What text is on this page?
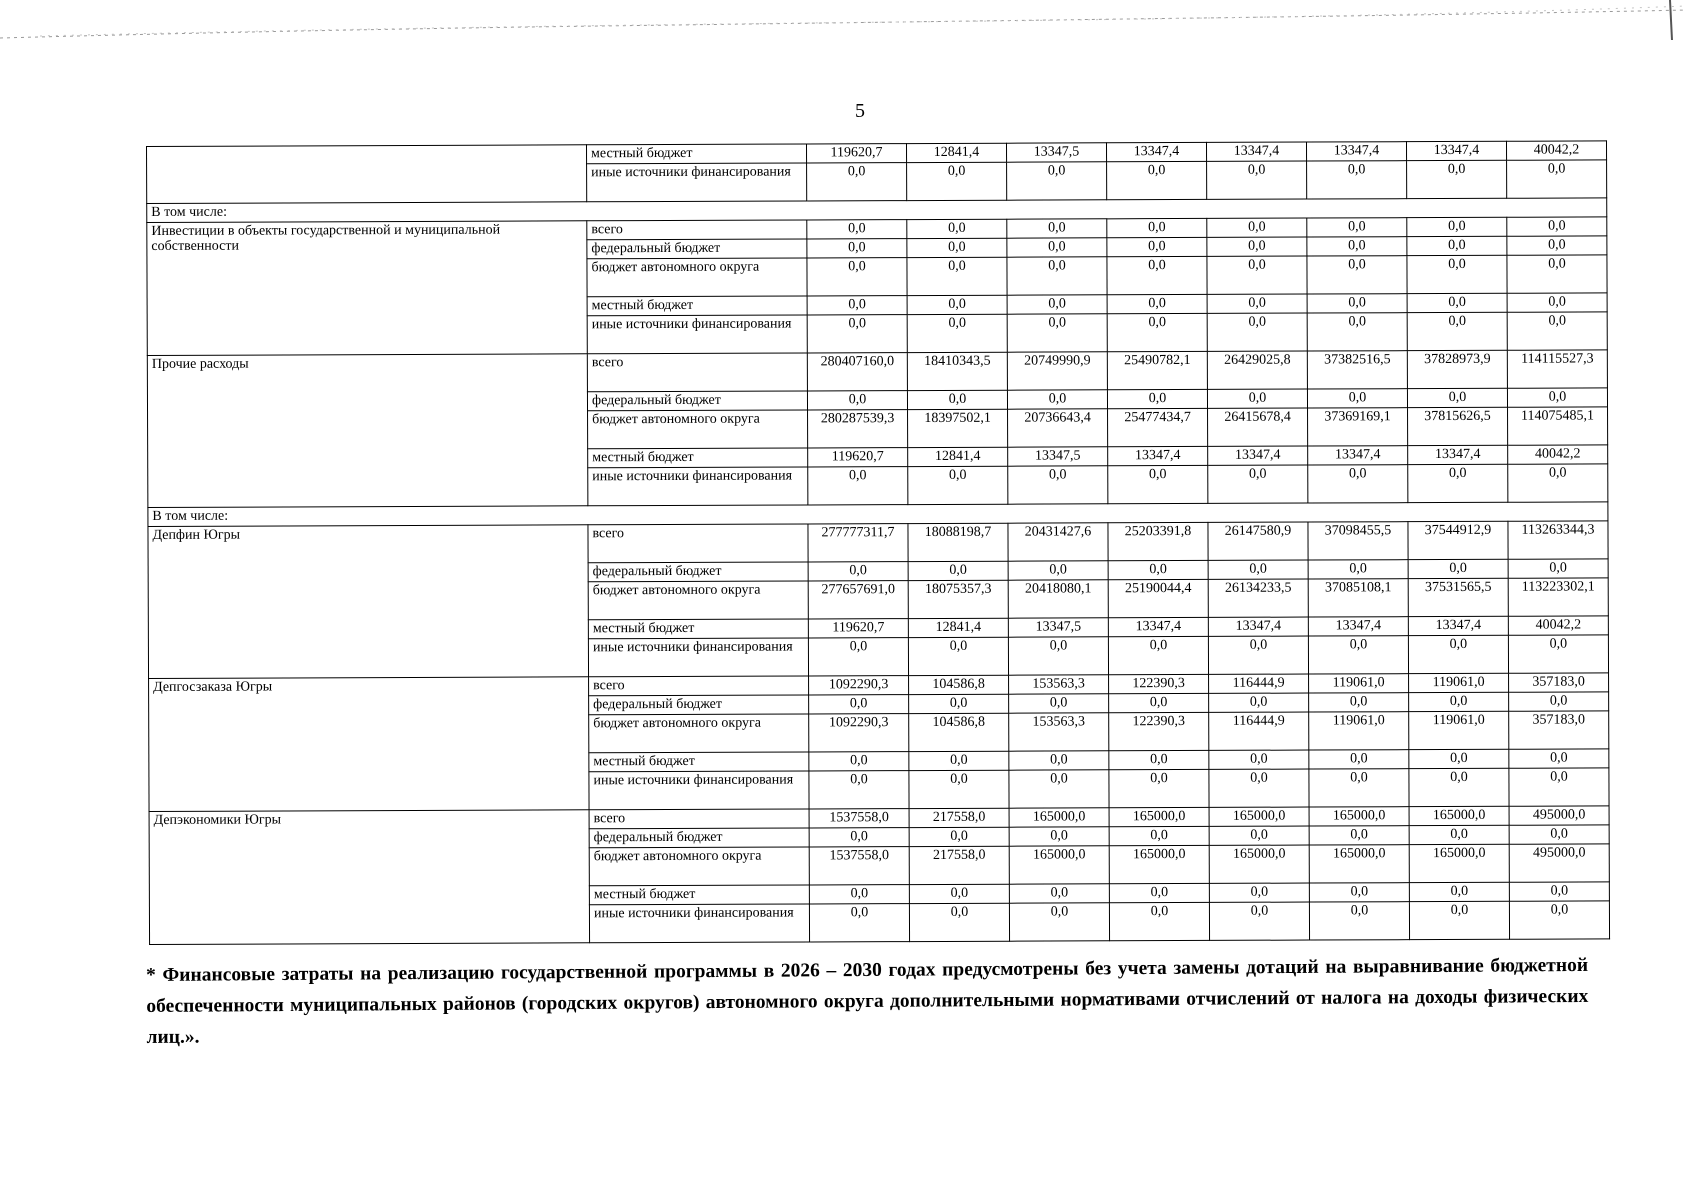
5
	местный бюджет	119620,7	12841,4	13347,5	13347,4	13347,4	13347,4	13347,4	40042,2
	иные источники финансирования	0,0	0,0	0,0	0,0	0,0	0,0	0,0	0,0
В том числе:									
Инвестиции в объекты государственной и муниципальной собственности	всего	0,0	0,0	0,0	0,0	0,0	0,0	0,0	0,0
	федеральный бюджет	0,0	0,0	0,0	0,0	0,0	0,0	0,0	0,0
	бюджет автономного округа	0,0	0,0	0,0	0,0	0,0	0,0	0,0	0,0
	местный бюджет	0,0	0,0	0,0	0,0	0,0	0,0	0,0	0,0
	иные источники финансирования	0,0	0,0	0,0	0,0	0,0	0,0	0,0	0,0
Прочие расходы	всего	280407160,0	18410343,5	20749990,9	25490782,1	26429025,8	37382516,5	37828973,9	114115527,3
	федеральный бюджет	0,0	0,0	0,0	0,0	0,0	0,0	0,0	0,0
	бюджет автономного округа	280287539,3	18397502,1	20736643,4	25477434,7	26415678,4	37369169,1	37815626,5	114075485,1
	местный бюджет	119620,7	12841,4	13347,5	13347,4	13347,4	13347,4	13347,4	40042,2
	иные источники финансирования	0,0	0,0	0,0	0,0	0,0	0,0	0,0	0,0
В том числе:									
Депфин Югры	всего	277777311,7	18088198,7	20431427,6	25203391,8	26147580,9	37098455,5	37544912,9	113263344,3
	федеральный бюджет	0,0	0,0	0,0	0,0	0,0	0,0	0,0	0,0
	бюджет автономного округа	277657691,0	18075357,3	20418080,1	25190044,4	26134233,5	37085108,1	37531565,5	113223302,1
	местный бюджет	119620,7	12841,4	13347,5	13347,4	13347,4	13347,4	13347,4	40042,2
	иные источники финансирования	0,0	0,0	0,0	0,0	0,0	0,0	0,0	0,0
Депгосзаказа Югры	всего	1092290,3	104586,8	153563,3	122390,3	116444,9	119061,0	119061,0	357183,0
	федеральный бюджет	0,0	0,0	0,0	0,0	0,0	0,0	0,0	0,0
	бюджет автономного округа	1092290,3	104586,8	153563,3	122390,3	116444,9	119061,0	119061,0	357183,0
	местный бюджет	0,0	0,0	0,0	0,0	0,0	0,0	0,0	0,0
	иные источники финансирования	0,0	0,0	0,0	0,0	0,0	0,0	0,0	0,0
Депэкономики Югры	всего	1537558,0	217558,0	165000,0	165000,0	165000,0	165000,0	165000,0	495000,0
	федеральный бюджет	0,0	0,0	0,0	0,0	0,0	0,0	0,0	0,0
	бюджет автономного округа	1537558,0	217558,0	165000,0	165000,0	165000,0	165000,0	165000,0	495000,0
	местный бюджет	0,0	0,0	0,0	0,0	0,0	0,0	0,0	0,0
	иные источники финансирования	0,0	0,0	0,0	0,0	0,0	0,0	0,0	0,0
* Финансовые затраты на реализацию государственной программы в 2026 – 2030 годах предусмотрены без учета замены дотаций на выравнивание бюджетной обеспеченности муниципальных районов (городских округов) автономного округа дополнительными нормативами отчислений от налога на доходы физических лиц.».
